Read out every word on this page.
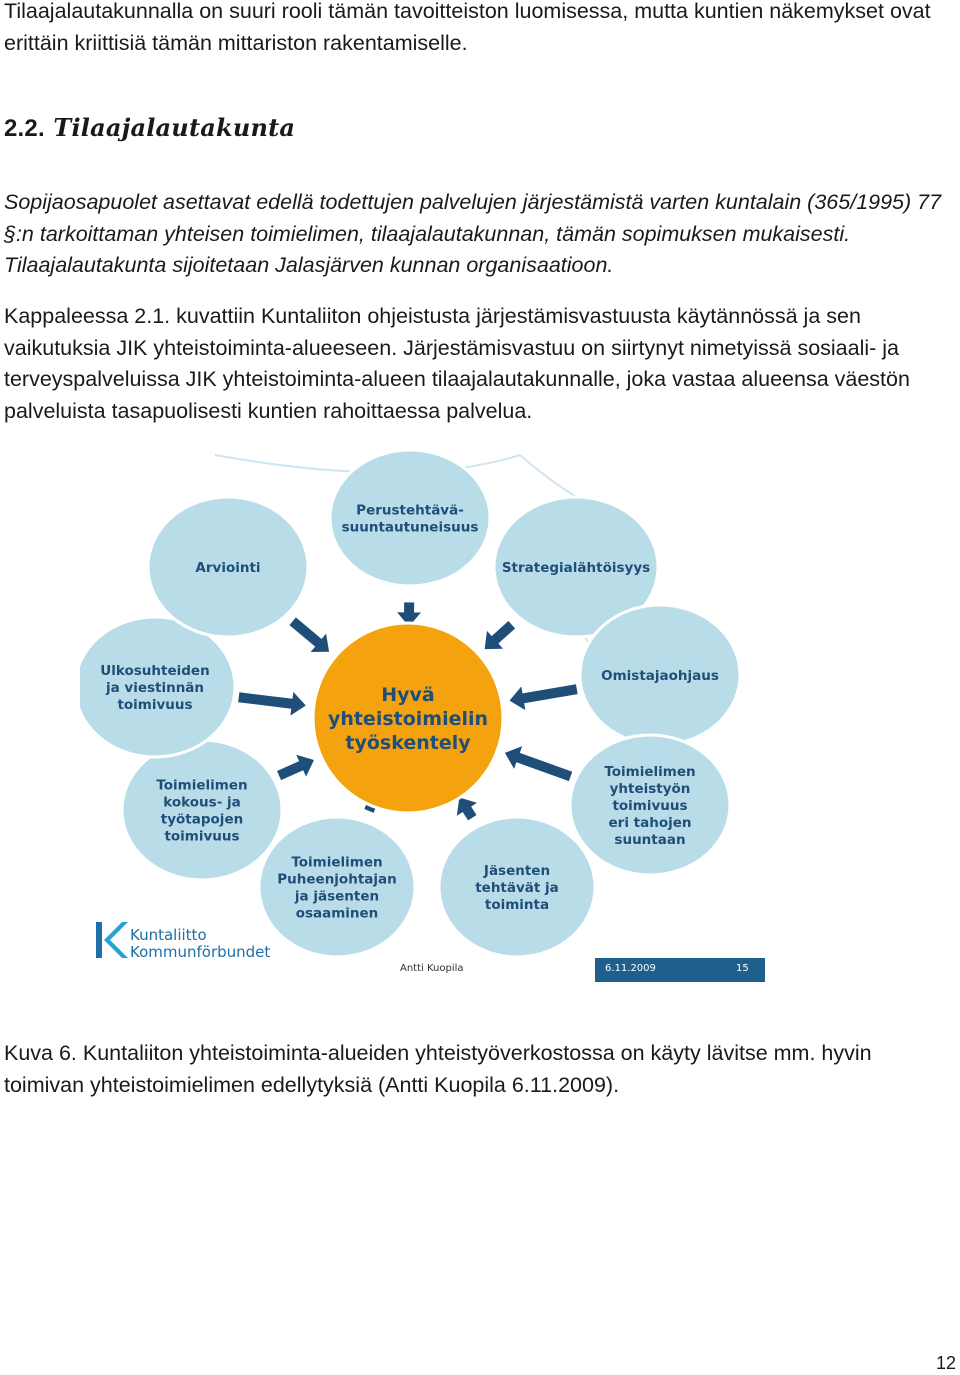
Tilaajalautakunnalla on suuri rooli tämän tavoitteiston luomisessa, mutta kuntien näkemykset ovat erittäin kriittisiä tämän mittariston rakentamiselle.

2.2. Tilaajalautakunta

Sopijaosapuolet asettavat edellä todettujen palvelujen järjestämistä varten kuntalain (365/1995) 77 §:n tarkoittaman yhteisen toimielimen, tilaajalautakunnan, tämän sopimuksen mukaisesti. Tilaajalautakunta sijoitetaan Jalasjärven kunnan organisaatioon.

Kappaleessa 2.1. kuvattiin Kuntaliiton ohjeistusta järjestämisvastuusta käytännössä ja sen vaikutuksia JIK yhteistoiminta-alueeseen. Järjestämisvastuu on siirtynyt nimetyissä sosiaali- ja terveyspalveluissa JIK yhteistoiminta-alueen tilaajalautakunnalle, joka vastaa alueensa väestön palveluista tasapuolisesti kuntien rahoittaessa palvelua.

Perustehtävä-
suuntautuneisuus
Strategialähtöisyys
Omistajaohjaus
Toimielimen
yhteistyön
toimivuus
eri tahojen
suuntaan
Jäsenten
tehtävät ja
toiminta
Toimielimen
Puheenjohtajan
ja jäsenten
osaaminen
Toimielimen
kokous- ja
työtapojen
toimivuus
Ulkosuhteiden
ja viestinnän
toimivuus
Arviointi
Hyvä
yhteistoimielin
työskentely
Kuntaliitto
Kommunförbundet
Antti Kuopila	6.11.2009	15

Kuva 6. Kuntaliiton yhteistoiminta-alueiden yhteistyöverkostossa on käyty lävitse mm. hyvin toimivan yhteistoimielimen edellytyksiä (Antti Kuopila 6.11.2009).

12
